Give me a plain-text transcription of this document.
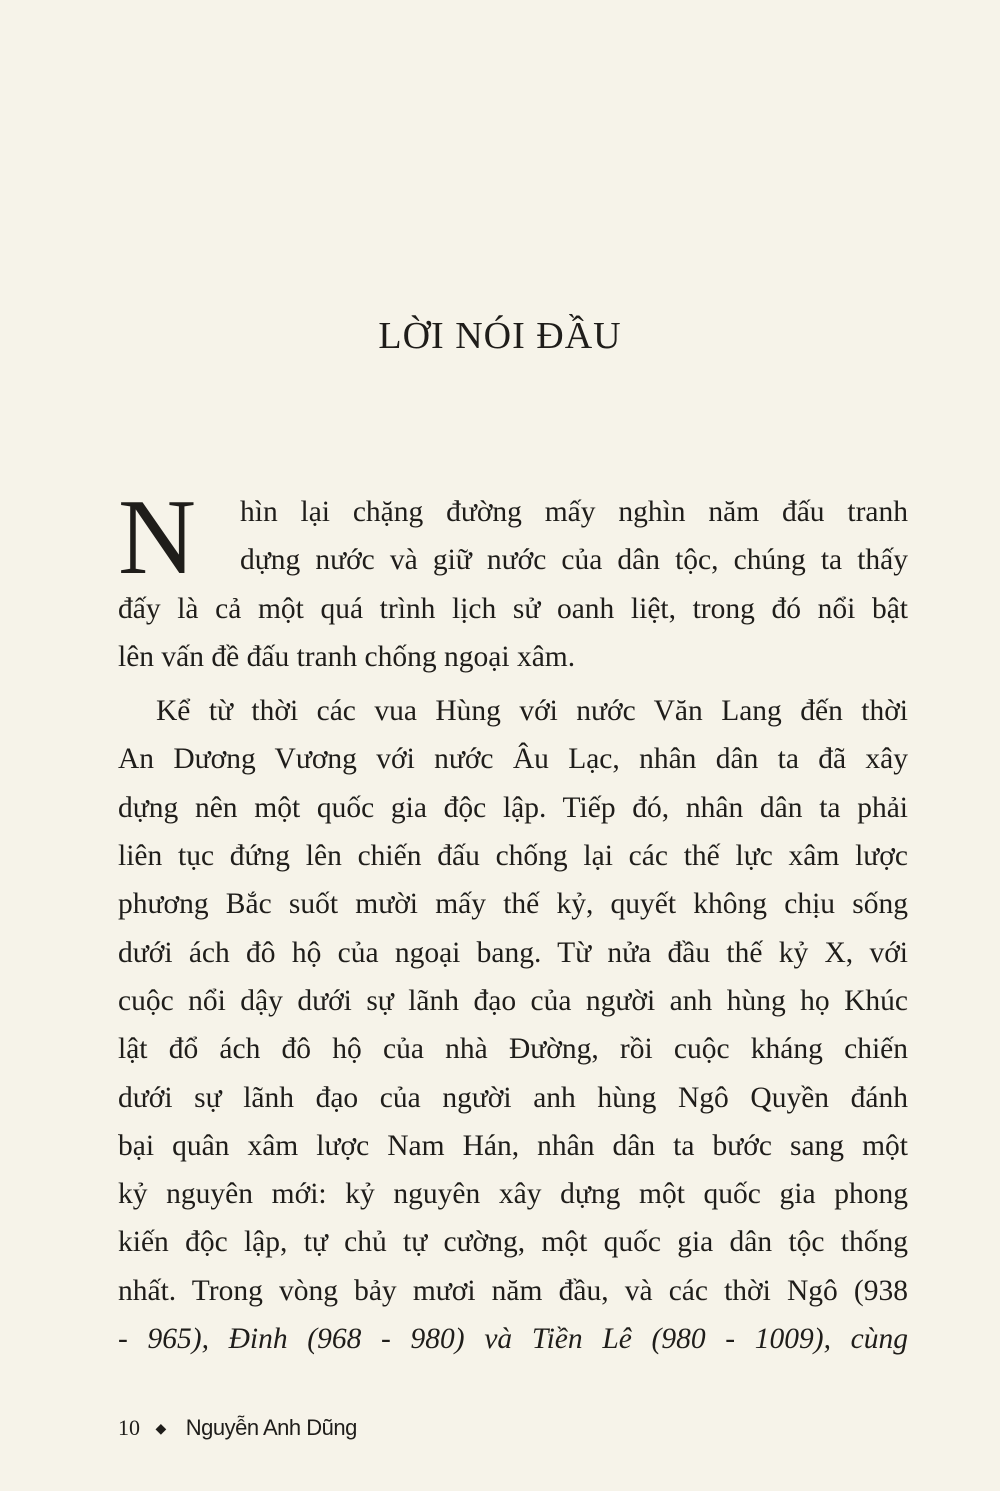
LỜI NÓI ĐẦU
N	hìn lại chặng đường mấy nghìn năm đấu tranh
dựng nước và giữ nước của dân tộc, chúng ta thấy
đấy là cả một quá trình lịch sử oanh liệt, trong đó nổi bật
lên vấn đề đấu tranh chống ngoại xâm.
Kể từ thời các vua Hùng với nước Văn Lang đến thời
An Dương Vương với nước Âu Lạc, nhân dân ta đã xây
dựng nên một quốc gia độc lập. Tiếp đó, nhân dân ta phải
liên tục đứng lên chiến đấu chống lại các thế lực xâm lược
phương Bắc suốt mười mấy thế kỷ, quyết không chịu sống
dưới ách đô hộ của ngoại bang. Từ nửa đầu thế kỷ X, với
cuộc nổi dậy dưới sự lãnh đạo của người anh hùng họ Khúc
lật đổ ách đô hộ của nhà Đường, rồi cuộc kháng chiến
dưới sự lãnh đạo của người anh hùng Ngô Quyền đánh
bại quân xâm lược Nam Hán, nhân dân ta bước sang một
kỷ nguyên mới: kỷ nguyên xây dựng một quốc gia phong
kiến độc lập, tự chủ tự cường, một quốc gia dân tộc thống
nhất. Trong vòng bảy mươi năm đầu, và các thời Ngô (938
- 965), Đinh (968 - 980) và Tiền Lê (980 - 1009), cùng
10 ◆ Nguyễn Anh Dũng
